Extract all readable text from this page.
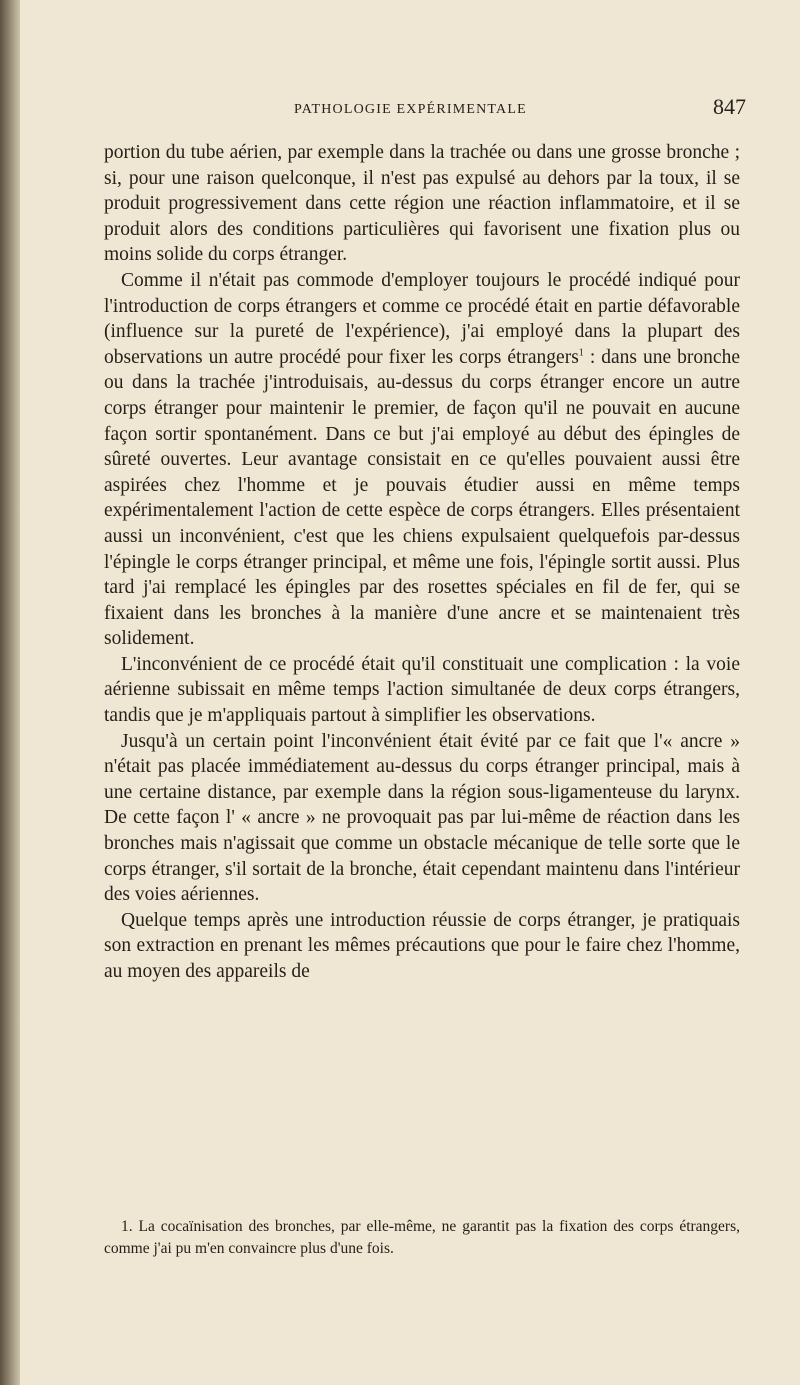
PATHOLOGIE EXPÉRIMENTALE	847

portion du tube aérien, par exemple dans la trachée ou dans une grosse bronche ; si, pour une raison quelconque, il n'est pas expulsé au dehors par la toux, il se produit progressivement dans cette région une réaction inflammatoire, et il se produit alors des conditions particulières qui favorisent une fixation plus ou moins solide du corps étranger.

Comme il n'était pas commode d'employer toujours le procédé indiqué pour l'introduction de corps étrangers et comme ce procédé était en partie défavorable (influence sur la pureté de l'expérience), j'ai employé dans la plupart des observations un autre procédé pour fixer les corps étrangers$^1$ : dans une bronche ou dans la trachée j'introduisais, au-dessus du corps étranger encore un autre corps étranger pour maintenir le premier, de façon qu'il ne pouvait en aucune façon sortir spontanément. Dans ce but j'ai employé au début des épingles de sûreté ouvertes. Leur avantage consistait en ce qu'elles pouvaient aussi être aspirées chez l'homme et je pouvais étudier aussi en même temps expérimentalement l'action de cette espèce de corps étrangers. Elles présentaient aussi un inconvénient, c'est que les chiens expulsaient quelquefois par-dessus l'épingle le corps étranger principal, et même une fois, l'épingle sortit aussi. Plus tard j'ai remplacé les épingles par des rosettes spéciales en fil de fer, qui se fixaient dans les bronches à la manière d'une ancre et se maintenaient très solidement.

L'inconvénient de ce procédé était qu'il constituait une complication : la voie aérienne subissait en même temps l'action simultanée de deux corps étrangers, tandis que je m'appliquais partout à simplifier les observations.

Jusqu'à un certain point l'inconvénient était évité par ce fait que l'« ancre » n'était pas placée immédiatement au-dessus du corps étranger principal, mais à une certaine distance, par exemple dans la région sous-ligamenteuse du larynx. De cette façon l' « ancre » ne provoquait pas par lui-même de réaction dans les bronches mais n'agissait que comme un obstacle mécanique de telle sorte que le corps étranger, s'il sortait de la bronche, était cependant maintenu dans l'intérieur des voies aériennes.

Quelque temps après une introduction réussie de corps étranger, je pratiquais son extraction en prenant les mêmes précautions que pour le faire chez l'homme, au moyen des appareils de

1. La cocaïnisation des bronches, par elle-même, ne garantit pas la fixation des corps étrangers, comme j'ai pu m'en convaincre plus d'une fois.
